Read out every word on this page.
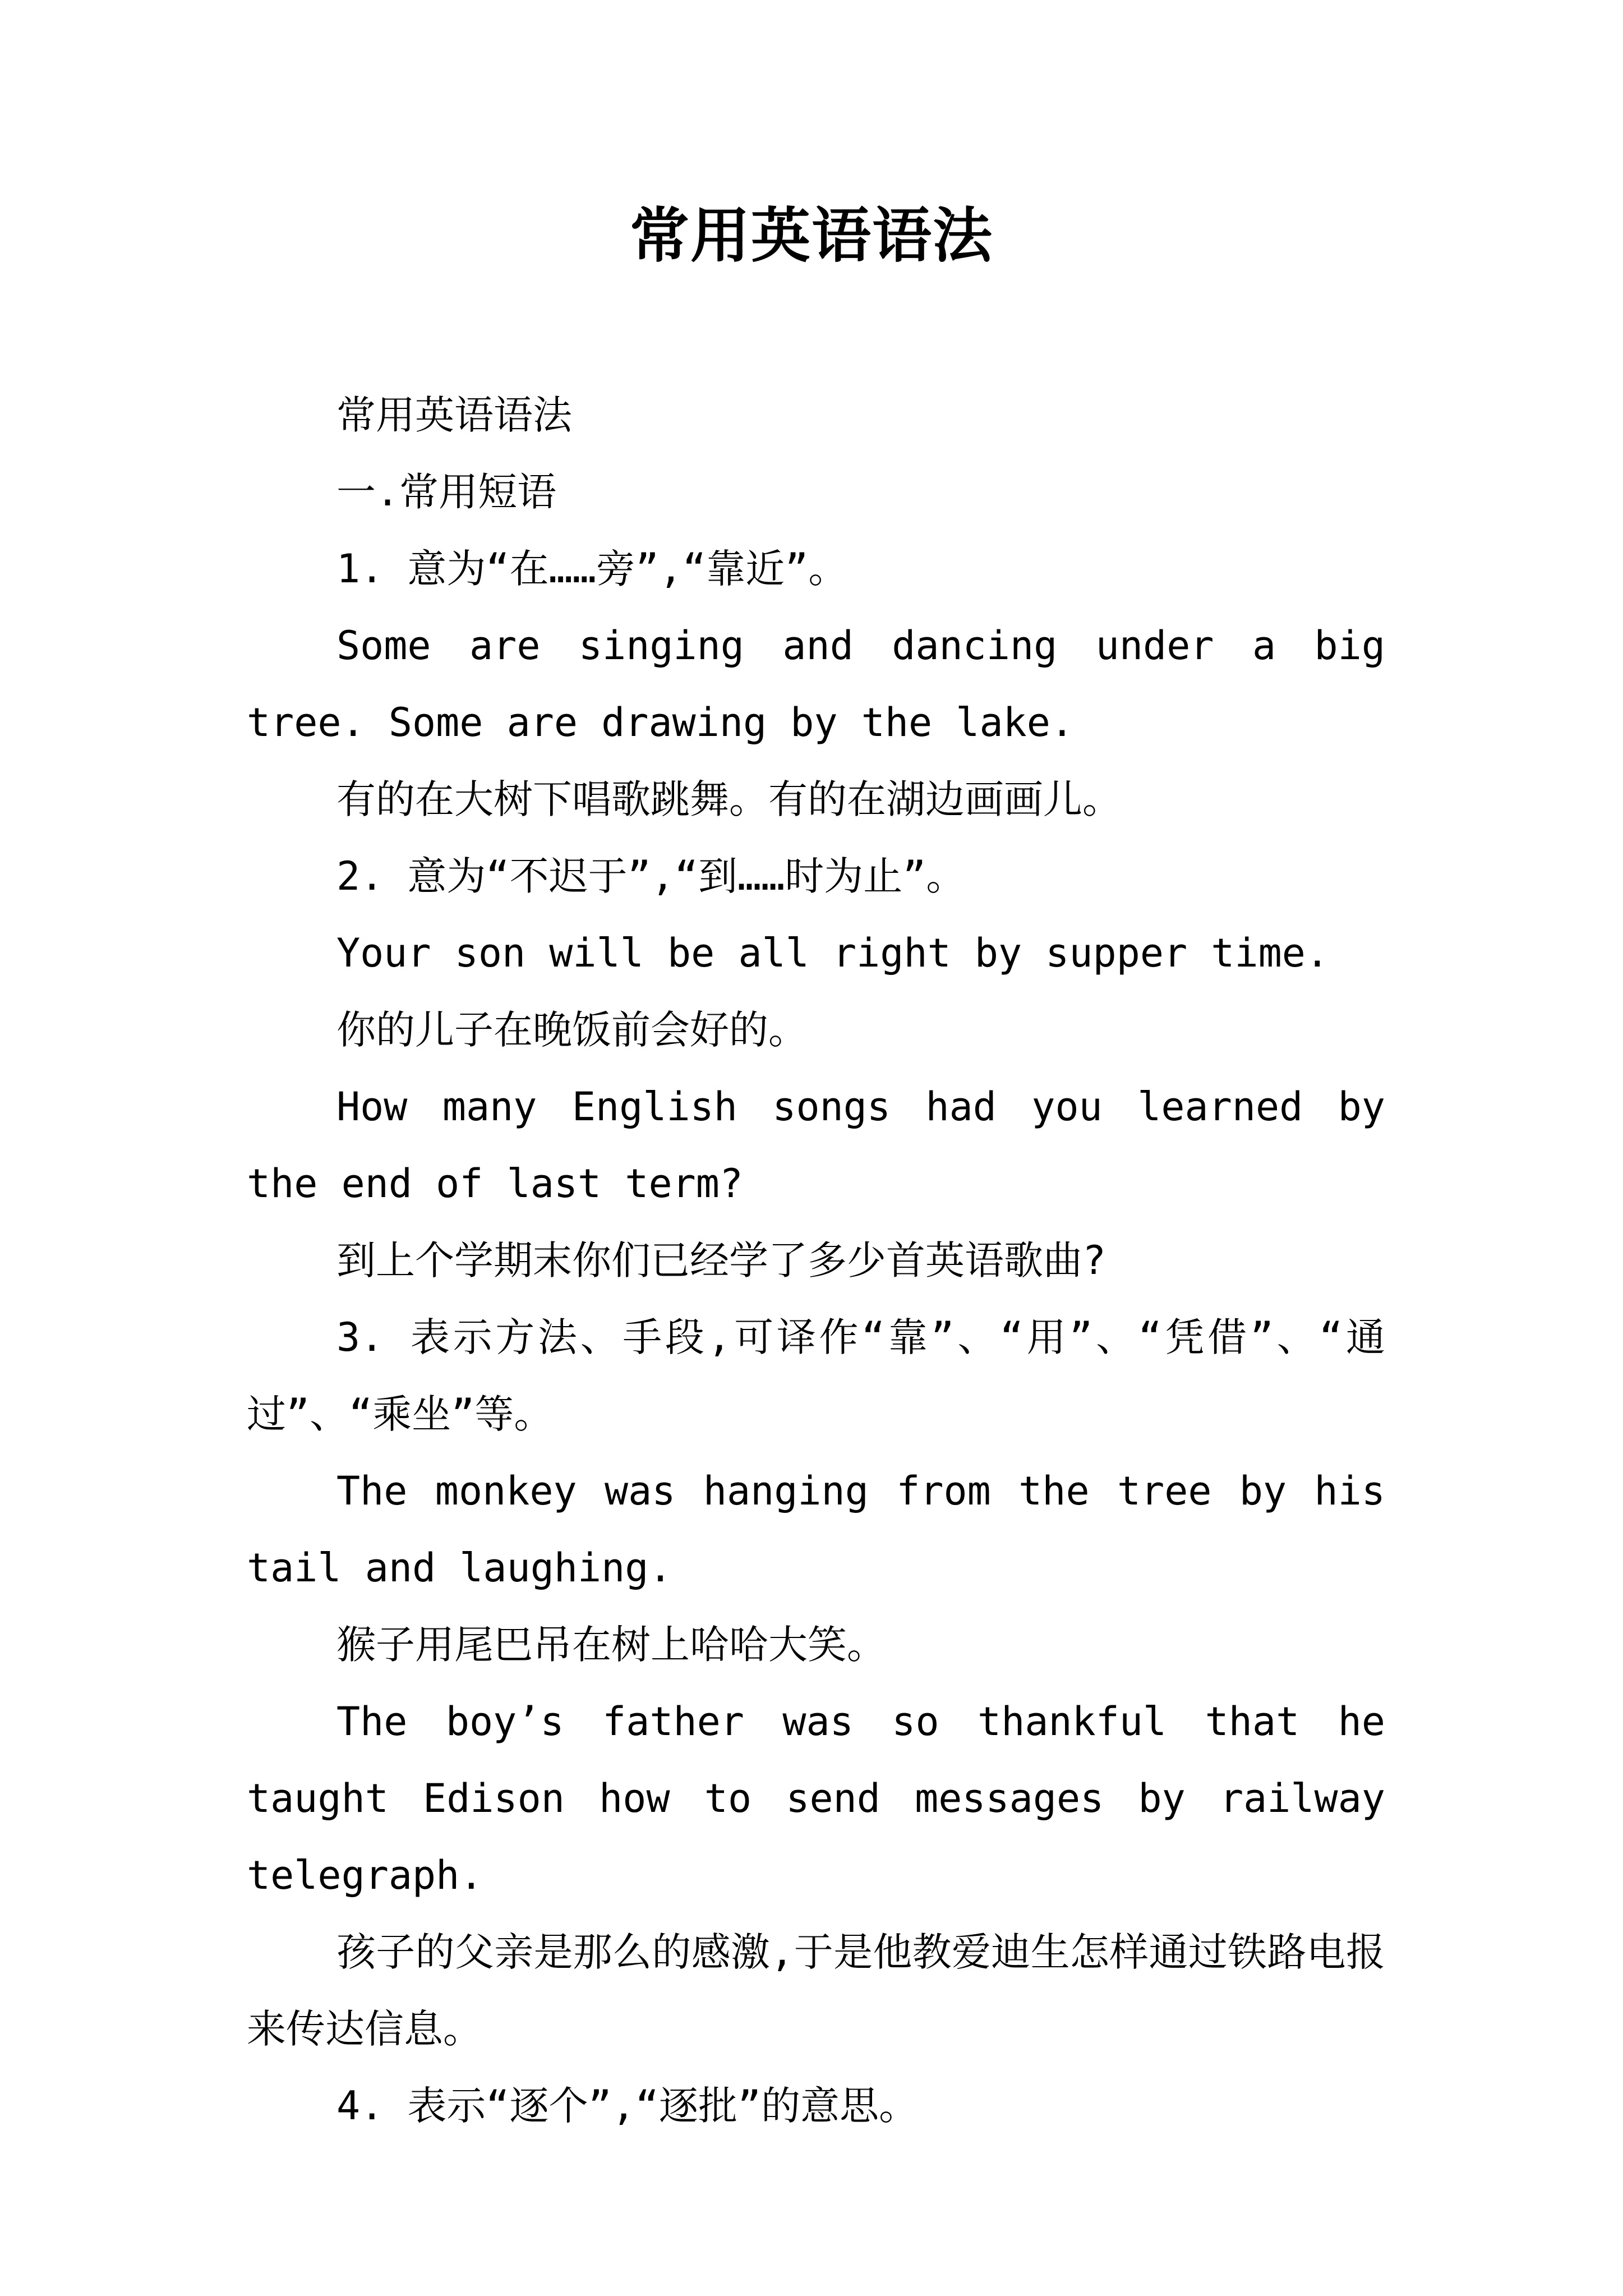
常用英语语法

常用英语语法

一.常用短语

1. 意为“在……旁”,“靠近”。

Some are singing and dancing under a big tree. Some are drawing by the lake.

有的在大树下唱歌跳舞。有的在湖边画画儿。

2. 意为“不迟于”,“到……时为止”。

Your son will be all right by supper time.

你的儿子在晚饭前会好的。

How many English songs had you learned by the end of last term?

到上个学期末你们已经学了多少首英语歌曲?

3. 表示方法、手段,可译作“靠”、“用”、“凭借”、“通过”、“乘坐”等。

The monkey was hanging from the tree by his tail and laughing.

猴子用尾巴吊在树上哈哈大笑。

The boy’s father was so thankful that he taught Edison how to send messages by railway telegraph.

孩子的父亲是那么的感激,于是他教爱迪生怎样通过铁路电报来传达信息。

4. 表示“逐个”,“逐批”的意思。
